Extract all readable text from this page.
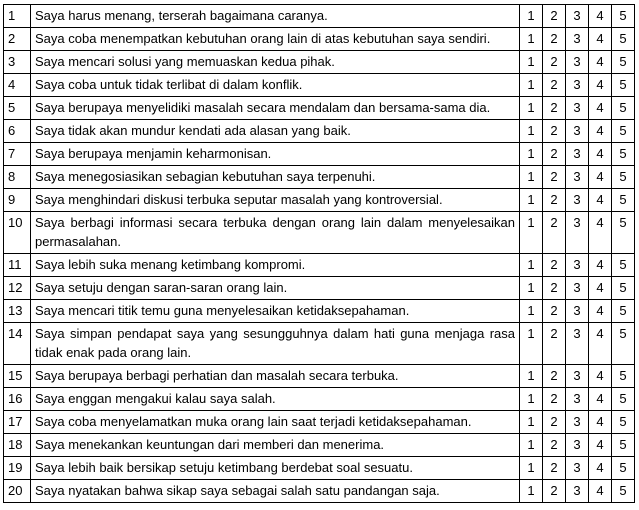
1	Saya harus menang, terserah bagaimana caranya.	1	2	3	4	5
2	Saya coba menempatkan kebutuhan orang lain di atas kebutuhan saya sendiri.	1	2	3	4	5
3	Saya mencari solusi yang memuaskan kedua pihak.	1	2	3	4	5
4	Saya coba untuk tidak terlibat di dalam konflik.	1	2	3	4	5
5	Saya berupaya menyelidiki masalah secara mendalam dan bersama-sama dia.	1	2	3	4	5
6	Saya tidak akan mundur kendati ada alasan yang baik.	1	2	3	4	5
7	Saya berupaya menjamin keharmonisan.	1	2	3	4	5
8	Saya menegosiasikan sebagian kebutuhan saya terpenuhi.	1	2	3	4	5
9	Saya menghindari diskusi terbuka seputar masalah yang kontroversial.	1	2	3	4	5
10	Saya berbagi informasi secara terbuka dengan orang lain dalam menyelesaikan permasalahan.	1	2	3	4	5
11	Saya lebih suka menang ketimbang kompromi.	1	2	3	4	5
12	Saya setuju dengan saran-saran orang lain.	1	2	3	4	5
13	Saya mencari titik temu guna menyelesaikan ketidaksepahaman.	1	2	3	4	5
14	Saya simpan pendapat saya yang sesungguhnya dalam hati guna menjaga rasa tidak enak pada orang lain.	1	2	3	4	5
15	Saya berupaya berbagi perhatian dan masalah secara terbuka.	1	2	3	4	5
16	Saya enggan mengakui kalau saya salah.	1	2	3	4	5
17	Saya coba menyelamatkan muka orang lain saat terjadi ketidaksepahaman.	1	2	3	4	5
18	Saya menekankan keuntungan dari memberi dan menerima.	1	2	3	4	5
19	Saya lebih baik bersikap setuju ketimbang berdebat soal sesuatu.	1	2	3	4	5
20	Saya nyatakan bahwa sikap saya sebagai salah satu pandangan saja.	1	2	3	4	5
